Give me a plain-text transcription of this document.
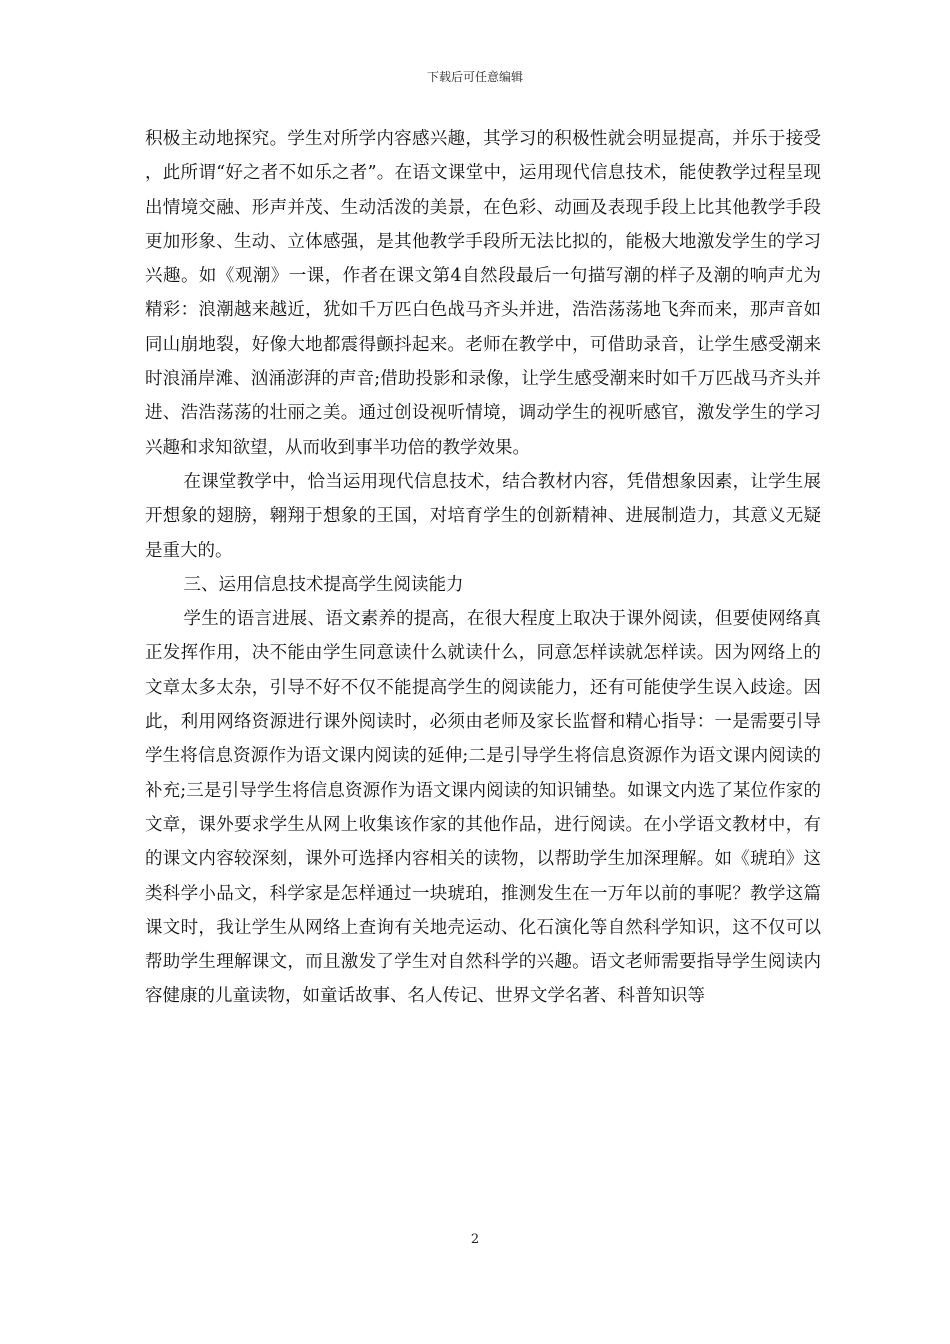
下载后可任意编辑

积极主动地探究。学生对所学内容感兴趣，其学习的积极性就会明显提高，并乐于接受，此所谓“好之者不如乐之者”。在语文课堂中，运用现代信息技术，能使教学过程呈现出情境交融、形声并茂、生动活泼的美景，在色彩、动画及表现手段上比其他教学手段更加形象、生动、立体感强，是其他教学手段所无法比拟的，能极大地激发学生的学习兴趣。如《观潮》一课，作者在课文第4自然段最后一句描写潮的样子及潮的响声尤为精彩：浪潮越来越近，犹如千万匹白色战马齐头并进，浩浩荡荡地飞奔而来，那声音如同山崩地裂，好像大地都震得颤抖起来。老师在教学中，可借助录音，让学生感受潮来时浪涌岸滩、汹涌澎湃的声音;借助投影和录像，让学生感受潮来时如千万匹战马齐头并进、浩浩荡荡的壮丽之美。通过创设视听情境，调动学生的视听感官，激发学生的学习兴趣和求知欲望，从而收到事半功倍的教学效果。

在课堂教学中，恰当运用现代信息技术，结合教材内容，凭借想象因素，让学生展开想象的翅膀，翱翔于想象的王国，对培育学生的创新精神、进展制造力，其意义无疑是重大的。

三、运用信息技术提高学生阅读能力

学生的语言进展、语文素养的提高，在很大程度上取决于课外阅读，但要使网络真正发挥作用，决不能由学生同意读什么就读什么，同意怎样读就怎样读。因为网络上的文章太多太杂，引导不好不仅不能提高学生的阅读能力，还有可能使学生误入歧途。因此，利用网络资源进行课外阅读时，必须由老师及家长监督和精心指导：一是需要引导学生将信息资源作为语文课内阅读的延伸;二是引导学生将信息资源作为语文课内阅读的补充;三是引导学生将信息资源作为语文课内阅读的知识铺垫。如课文内选了某位作家的文章，课外要求学生从网上收集该作家的其他作品，进行阅读。在小学语文教材中，有的课文内容较深刻，课外可选择内容相关的读物，以帮助学生加深理解。如《琥珀》这类科学小品文，科学家是怎样通过一块琥珀，推测发生在一万年以前的事呢？教学这篇课文时，我让学生从网络上查询有关地壳运动、化石演化等自然科学知识，这不仅可以帮助学生理解课文，而且激发了学生对自然科学的兴趣。语文老师需要指导学生阅读内容健康的儿童读物，如童话故事、名人传记、世界文学名著、科普知识等

2
